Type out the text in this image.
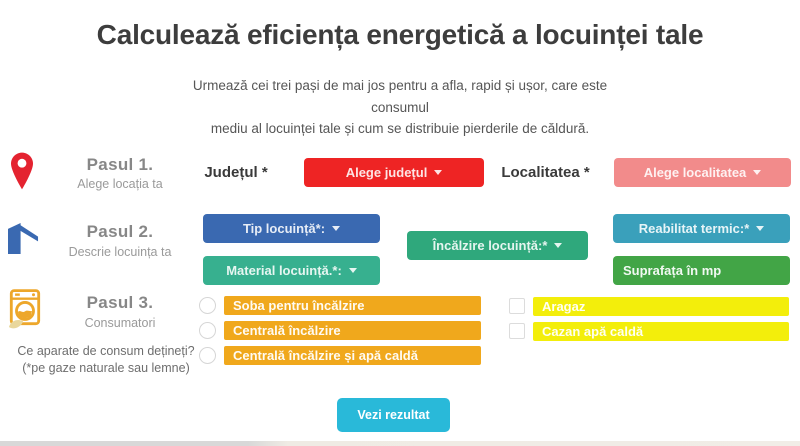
Calculează eficiența energetică a locuinței tale
Urmează cei trei pași de mai jos pentru a afla, rapid și ușor, care este consumul
mediu al locuinței tale și cum se distribuie pierderile de căldură.
Pasul 1.
Alege locația ta
Județul *	Alege județul	Localitatea *	Alege localitatea
Pasul 2.
Descrie locuința ta
Tip locuință*:
Material locuință.*:
Încălzire locuință:*
Reabilitat termic:*
Suprafața în mp
Pasul 3.
Consumatori
Ce aparate de consum dețineți?
(*pe gaze naturale sau lemne)
Soba pentru încălzire
Centrală încălzire
Centrală încălzire și apă caldă
Aragaz
Cazan apă caldă
Vezi rezultat
